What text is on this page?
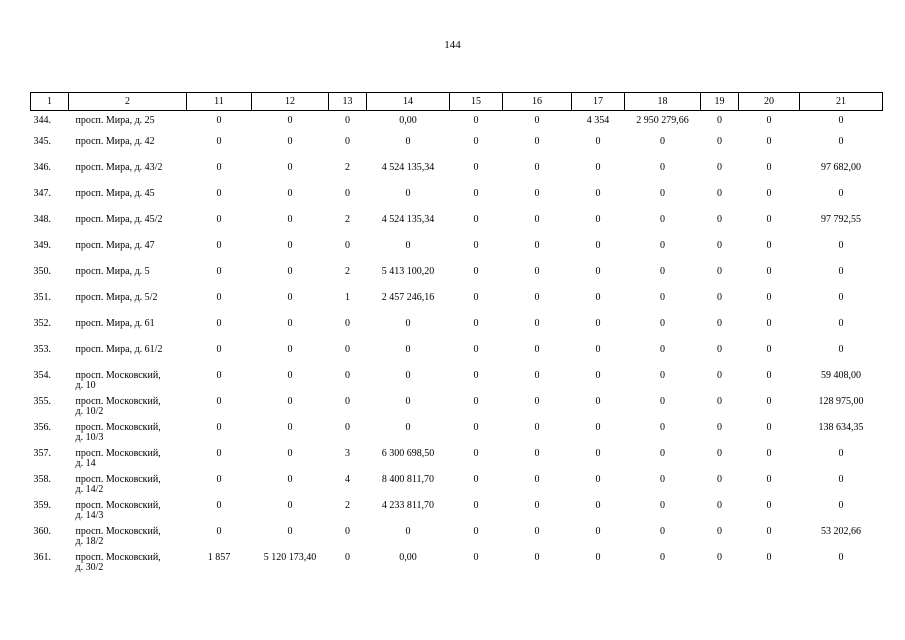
144
1	2	11	12	13	14	15	16	17	18	19	20	21
344.	просп. Мира, д. 25	0	0	0	0,00	0	0	4 354	2 950 279,66	0	0	0
345.	просп. Мира, д. 42	0	0	0	0	0	0	0	0	0	0	0
346.	просп. Мира, д. 43/2	0	0	2	4 524 135,34	0	0	0	0	0	0	97 682,00
347.	просп. Мира, д. 45	0	0	0	0	0	0	0	0	0	0	0
348.	просп. Мира, д. 45/2	0	0	2	4 524 135,34	0	0	0	0	0	0	97 792,55
349.	просп. Мира, д. 47	0	0	0	0	0	0	0	0	0	0	0
350.	просп. Мира, д. 5	0	0	2	5 413 100,20	0	0	0	0	0	0	0
351.	просп. Мира, д. 5/2	0	0	1	2 457 246,16	0	0	0	0	0	0	0
352.	просп. Мира, д. 61	0	0	0	0	0	0	0	0	0	0	0
353.	просп. Мира, д. 61/2	0	0	0	0	0	0	0	0	0	0	0
354.	просп. Московский,
д. 10	0	0	0	0	0	0	0	0	0	0	59 408,00
355.	просп. Московский,
д. 10/2	0	0	0	0	0	0	0	0	0	0	128 975,00
356.	просп. Московский,
д. 10/3	0	0	0	0	0	0	0	0	0	0	138 634,35
357.	просп. Московский,
д. 14	0	0	3	6 300 698,50	0	0	0	0	0	0	0
358.	просп. Московский,
д. 14/2	0	0	4	8 400 811,70	0	0	0	0	0	0	0
359.	просп. Московский,
д. 14/3	0	0	2	4 233 811,70	0	0	0	0	0	0	0
360.	просп. Московский,
д. 18/2	0	0	0	0	0	0	0	0	0	0	53 202,66
361.	просп. Московский,
д. 30/2	1 857	5 120 173,40	0	0,00	0	0	0	0	0	0	0
